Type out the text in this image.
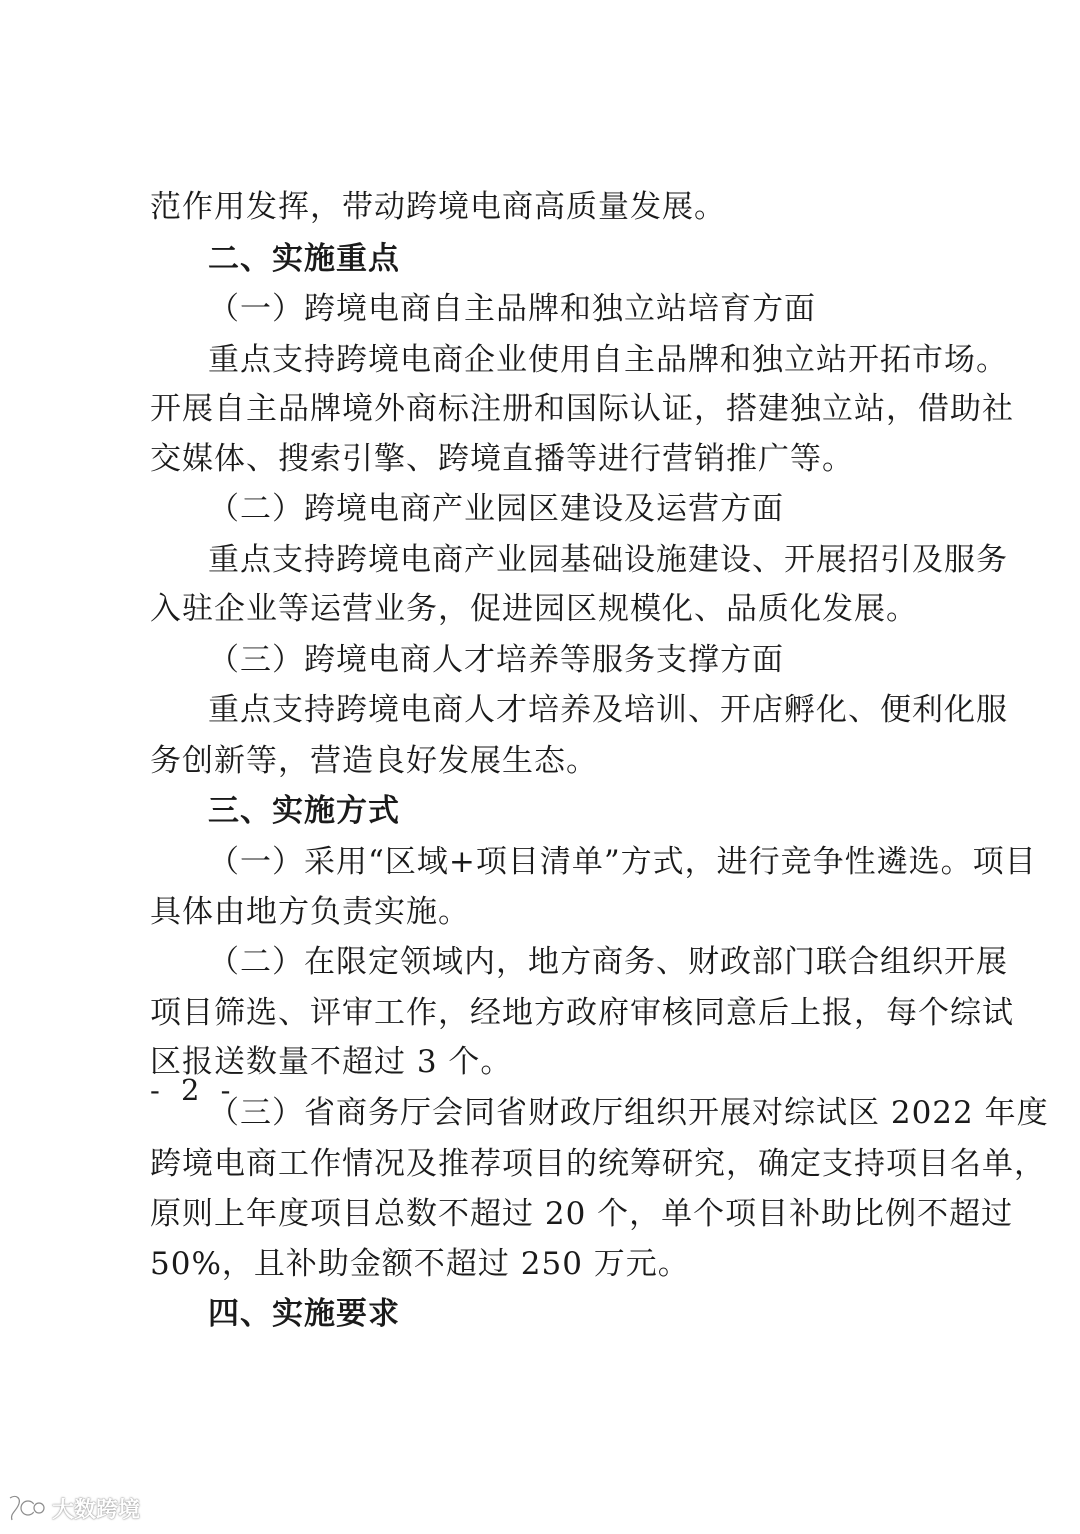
范作用发挥，带动跨境电商高质量发展。
二、实施重点
（一）跨境电商自主品牌和独立站培育方面
重点支持跨境电商企业使用自主品牌和独立站开拓市场。
开展自主品牌境外商标注册和国际认证，搭建独立站，借助社
交媒体、搜索引擎、跨境直播等进行营销推广等。
（二）跨境电商产业园区建设及运营方面
重点支持跨境电商产业园基础设施建设、开展招引及服务
入驻企业等运营业务，促进园区规模化、品质化发展。
（三）跨境电商人才培养等服务支撑方面
重点支持跨境电商人才培养及培训、开店孵化、便利化服
务创新等，营造良好发展生态。
三、实施方式
（一）采用“区域+项目清单”方式，进行竞争性遴选。项目
具体由地方负责实施。
（二）在限定领域内，地方商务、财政部门联合组织开展
项目筛选、评审工作，经地方政府审核同意后上报，每个综试
区报送数量不超过 3 个。
（三）省商务厅会同省财政厅组织开展对综试区 2022 年度
跨境电商工作情况及推荐项目的统筹研究，确定支持项目名单，
原则上年度项目总数不超过 20 个，单个项目补助比例不超过
50%，且补助金额不超过 250 万元。
四、实施要求
- 2 -
大数跨境
